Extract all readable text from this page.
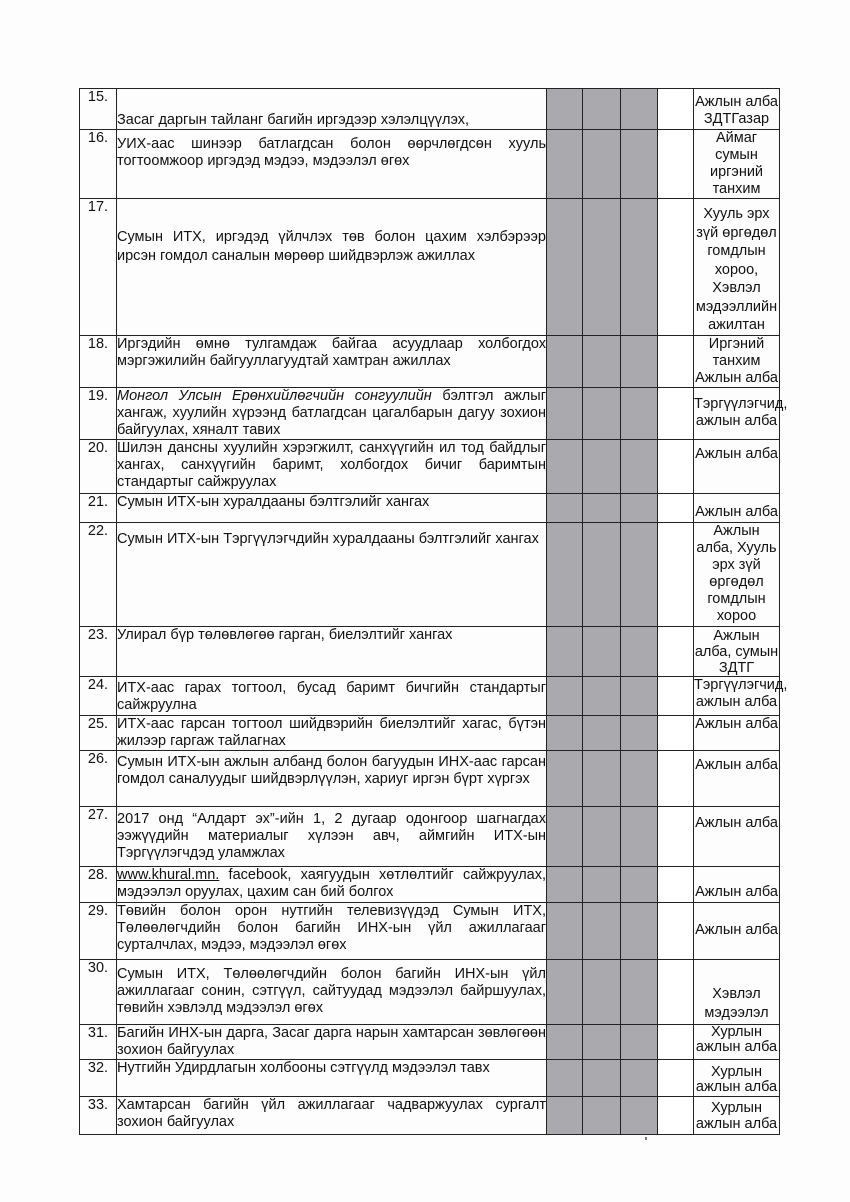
15.	Засаг даргын тайланг багийн иргэдээр хэлэлцүүлэх,					Ажлын алба ЗДТГазар
16.	УИХ-аас шинээр батлагдсан болон өөрчлөгдсөн хууль тогтоомжоор иргэдэд мэдээ, мэдээлэл өгөх					Аймаг сумын иргэний танхим
17.	Сумын ИТХ, иргэдэд үйлчлэх төв болон цахим хэлбэрээр ирсэн гомдол саналын мөрөөр шийдвэрлэж ажиллах					Хууль эрх зүй өргөдөл гомдлын хороо, Хэвлэл мэдээллийн ажилтан
18.	Иргэдийн өмнө тулгамдаж байгаа асуудлаар холбогдох мэргэжилийн байгууллагуудтай хамтран ажиллах					Иргэний танхим Ажлын алба
19.	Монгол Улсын Ерөнхийлөгчийн сонгуулийн бэлтгэл ажлыг хангаж, хуулийн хүрээнд батлагдсан цагалбарын дагуу зохион байгуулах, хяналт тавих					Тэргүүлэгчид, ажлын алба
20.	Шилэн дансны хуулийн хэрэгжилт, санхүүгийн ил тод байдлыг хангах, санхүүгийн баримт, холбогдох бичиг баримтын стандартыг сайжруулах					Ажлын алба
21.	Сумын ИТХ-ын хуралдааны бэлтгэлийг хангах					Ажлын алба
22.	Сумын ИТХ-ын Тэргүүлэгчдийн хуралдааны бэлтгэлийг хангах					Ажлын алба, Хууль эрх зүй өргөдөл гомдлын хороо
23.	Улирал бүр төлөвлөгөө гарган, биелэлтийг хангах					Ажлын алба, сумын ЗДТГ
24.	ИТХ-аас гарах тогтоол, бусад баримт бичгийн стандартыг сайжруулна					Тэргүүлэгчид, ажлын алба
25.	ИТХ-аас гарсан тогтоол шийдвэрийн биелэлтийг хагас, бүтэн жилээр гаргаж тайлагнах					Ажлын алба
26.	Сумын ИТХ-ын ажлын албанд болон багуудын ИНХ-аас гарсан гомдол саналуудыг шийдвэрлүүлэн, хариуг иргэн бүрт хүргэх					Ажлын алба
27.	2017 онд “Алдарт эх”-ийн 1, 2 дугаар одонгоор шагнагдах ээжүүдийн материалыг хүлээн авч, аймгийн ИТХ-ын Тэргүүлэгчдэд уламжлах					Ажлын алба
28.	www.khural.mn. facebook, хаягуудын хөтлөлтийг сайжруулах, мэдээлэл оруулах, цахим сан бий болгох					Ажлын алба
29.	Төвийн болон орон нутгийн телевизүүдэд Сумын ИТХ, Төлөөлөгчдийн болон багийн ИНХ-ын үйл ажиллагааг сурталчлах, мэдээ, мэдээлэл өгөх					Ажлын алба
30.	Сумын ИТХ, Төлөөлөгчдийн болон багийн ИНХ-ын үйл ажиллагааг сонин, сэтгүүл, сайтуудад мэдээлэл байршуулах, төвийн хэвлэлд мэдээлэл өгөх					Хэвлэл мэдээлэл
31.	Багийн ИНХ-ын дарга, Засаг дарга нарын хамтарсан зөвлөгөөн зохион байгуулах					Хурлын ажлын алба
32.	Нутгийн Удирдлагын холбооны сэтгүүлд мэдээлэл тавх					Хурлын ажлын алба
33.	Хамтарсан багийн үйл ажиллагааг чадваржуулах сургалт зохион байгуулах					Хурлын ажлын алба
